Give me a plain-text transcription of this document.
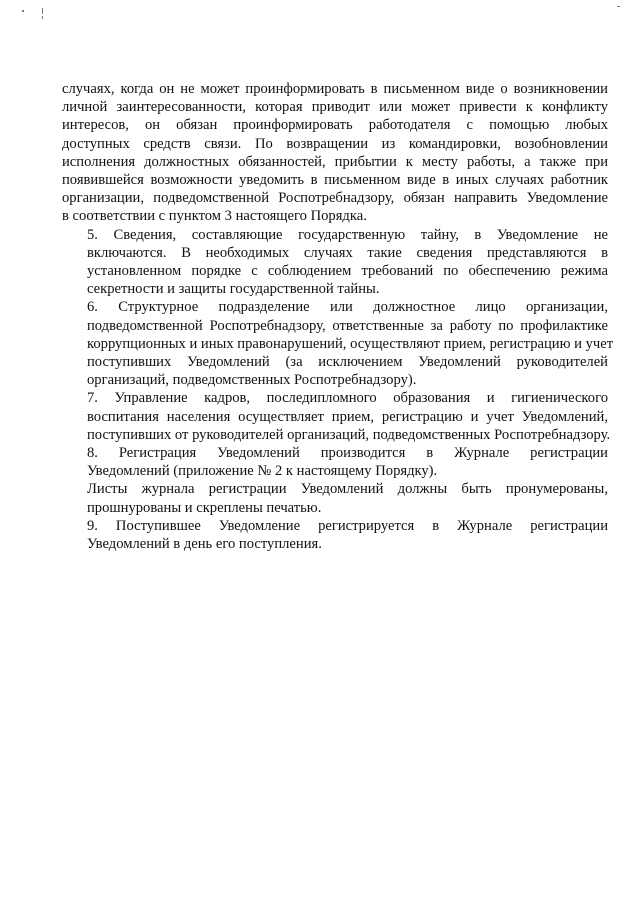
случаях, когда он не может проинформировать в письменном виде о возникновении
личной заинтересованности, которая приводит или может привести к конфликту
интересов, он обязан проинформировать работодателя с помощью любых
доступных средств связи. По возвращении из командировки, возобновлении
исполнения должностных обязанностей, прибытии к месту работы, а также при
появившейся возможности уведомить в письменном виде в иных случаях работник
организации, подведомственной Роспотребнадзору, обязан направить Уведомление
в соответствии с пунктом 3 настоящего Порядка.

5. Сведения, составляющие государственную тайну, в Уведомление не
включаются. В необходимых случаях такие сведения представляются в
установленном порядке с соблюдением требований по обеспечению режима
секретности и защиты государственной тайны.

6. Структурное подразделение или должностное лицо организации,
подведомственной Роспотребнадзору, ответственные за работу по профилактике
коррупционных и иных правонарушений, осуществляют прием, регистрацию и учет
поступивших Уведомлений (за исключением Уведомлений руководителей
организаций, подведомственных Роспотребнадзору).

7. Управление кадров, последипломного образования и гигиенического
воспитания населения осуществляет прием, регистрацию и учет Уведомлений,
поступивших от руководителей организаций, подведомственных Роспотребнадзору.

8. Регистрация Уведомлений производится в Журнале регистрации
Уведомлений (приложение № 2 к настоящему Порядку).

Листы журнала регистрации Уведомлений должны быть пронумерованы,
прошнурованы и скреплены печатью.

9. Поступившее Уведомление регистрируется в Журнале регистрации
Уведомлений в день его поступления.
